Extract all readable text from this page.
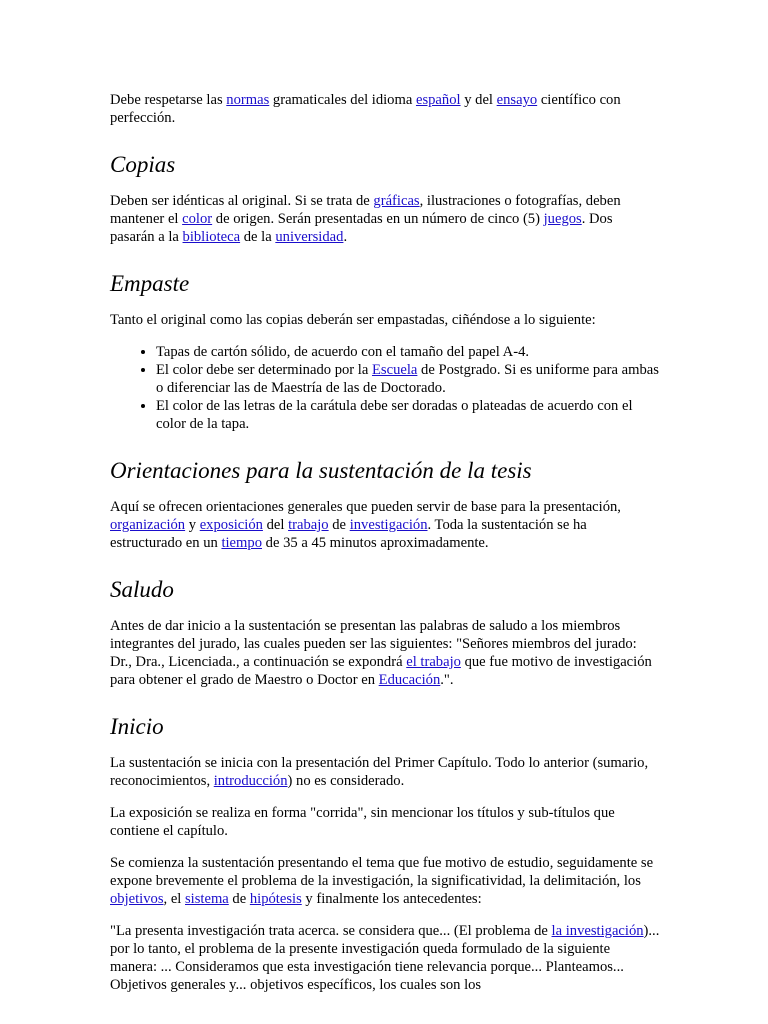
Debe respetarse las normas gramaticales del idioma español y del ensayo científico con perfección.

Copias

Deben ser idénticas al original. Si se trata de gráficas, ilustraciones o fotografías, deben mantener el color de origen. Serán presentadas en un número de cinco (5) juegos. Dos pasarán a la biblioteca de la universidad.

Empaste

Tanto el original como las copias deberán ser empastadas, ciñéndose a lo siguiente:

• Tapas de cartón sólido, de acuerdo con el tamaño del papel A-4.
• El color debe ser determinado por la Escuela de Postgrado. Si es uniforme para ambas o diferenciar las de Maestría de las de Doctorado.
• El color de las letras de la carátula debe ser doradas o plateadas de acuerdo con el color de la tapa.
Orientaciones para la sustentación de la tesis

Aquí se ofrecen orientaciones generales que pueden servir de base para la presentación, organización y exposición del trabajo de investigación. Toda la sustentación se ha estructurado en un tiempo de 35 a 45 minutos aproximadamente.

Saludo

Antes de dar inicio a la sustentación se presentan las palabras de saludo a los miembros integrantes del jurado, las cuales pueden ser las siguientes: "Señores miembros del jurado: Dr., Dra., Licenciada., a continuación se expondrá el trabajo que fue motivo de investigación para obtener el grado de Maestro o Doctor en Educación.".

Inicio

La sustentación se inicia con la presentación del Primer Capítulo. Todo lo anterior (sumario, reconocimientos, introducción) no es considerado.

La exposición se realiza en forma "corrida", sin mencionar los títulos y sub-títulos que contiene el capítulo.

Se comienza la sustentación presentando el tema que fue motivo de estudio, seguidamente se expone brevemente el problema de la investigación, la significatividad, la delimitación, los objetivos, el sistema de hipótesis y finalmente los antecedentes:

"La presenta investigación trata acerca. se considera que... (El problema de la investigación)... por lo tanto, el problema de la presente investigación queda formulado de la siguiente manera: ... Consideramos que esta investigación tiene relevancia porque... Planteamos... Objetivos generales y... objetivos específicos, los cuales son los
